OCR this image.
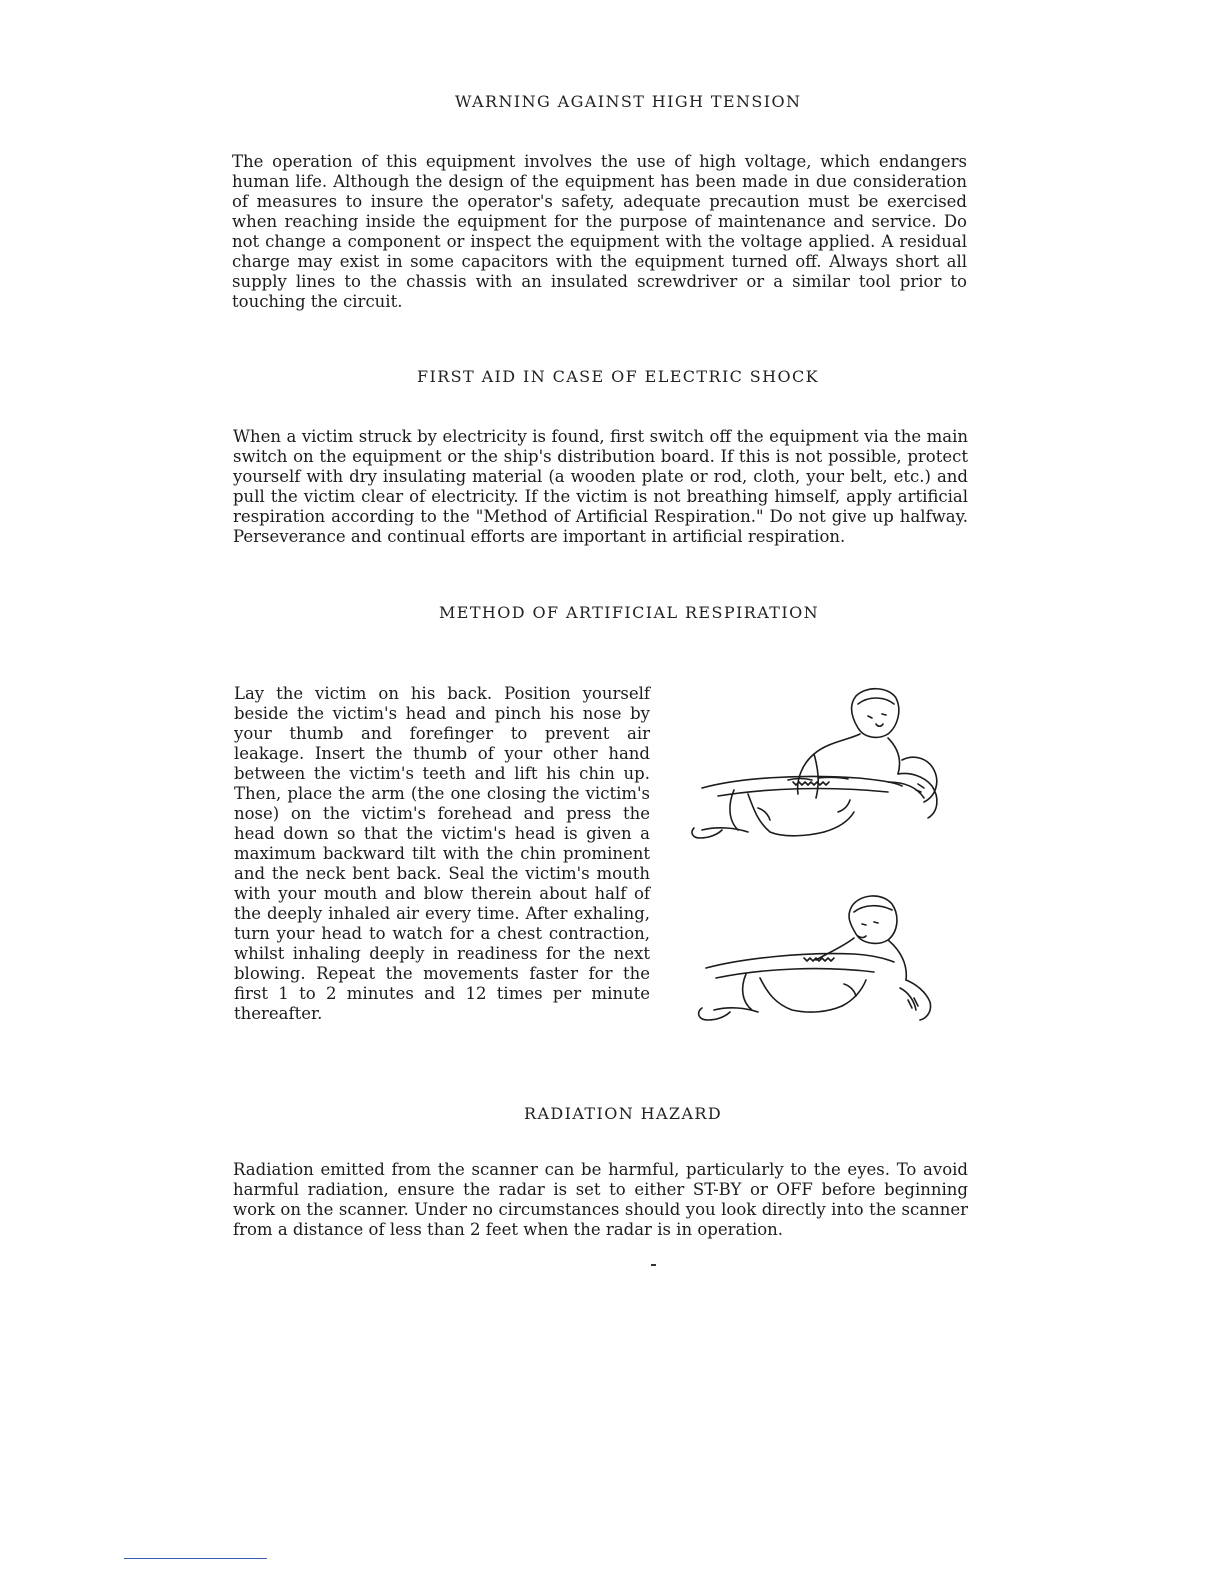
WARNING AGAINST HIGH TENSION
The operation of this equipment involves the use of high voltage, which endangers human life. Although the design of the equipment has been made in due consideration of measures to insure the operator's safety, adequate precaution must be exercised when reaching inside the equipment for the purpose of maintenance and service. Do not change a component or inspect the equipment with the voltage applied. A residual charge may exist in some capacitors with the equipment turned off. Always short all supply lines to the chassis with an insulated screwdriver or a similar tool prior to touching the circuit.
FIRST AID IN CASE OF ELECTRIC SHOCK
When a victim struck by electricity is found, first switch off the equipment via the main switch on the equipment or the ship's distribution board. If this is not possible, protect yourself with dry insulating material (a wooden plate or rod, cloth, your belt, etc.) and pull the victim clear of electricity. If the victim is not breathing himself, apply artificial respiration according to the "Method of Artificial Respiration." Do not give up halfway. Perseverance and continual efforts are important in artificial respiration.
METHOD OF ARTIFICIAL RESPIRATION
Lay the victim on his back. Position yourself beside the victim's head and pinch his nose by your thumb and forefinger to prevent air leakage. Insert the thumb of your other hand between the victim's teeth and lift his chin up. Then, place the arm (the one closing the victim's nose) on the victim's forehead and press the head down so that the victim's head is given a maximum backward tilt with the chin prominent and the neck bent back. Seal the victim's mouth with your mouth and blow therein about half of the deeply inhaled air every time. After exhaling, turn your head to watch for a chest contraction, whilst inhaling deeply in readiness for the next blowing. Repeat the movements faster for the first 1 to 2 minutes and 12 times per minute thereafter.
RADIATION HAZARD
Radiation emitted from the scanner can be harmful, particularly to the eyes. To avoid harmful radiation, ensure the radar is set to either ST-BY or OFF before beginning work on the scanner. Under no circumstances should you look directly into the scanner from a distance of less than 2 feet when the radar is in operation.
